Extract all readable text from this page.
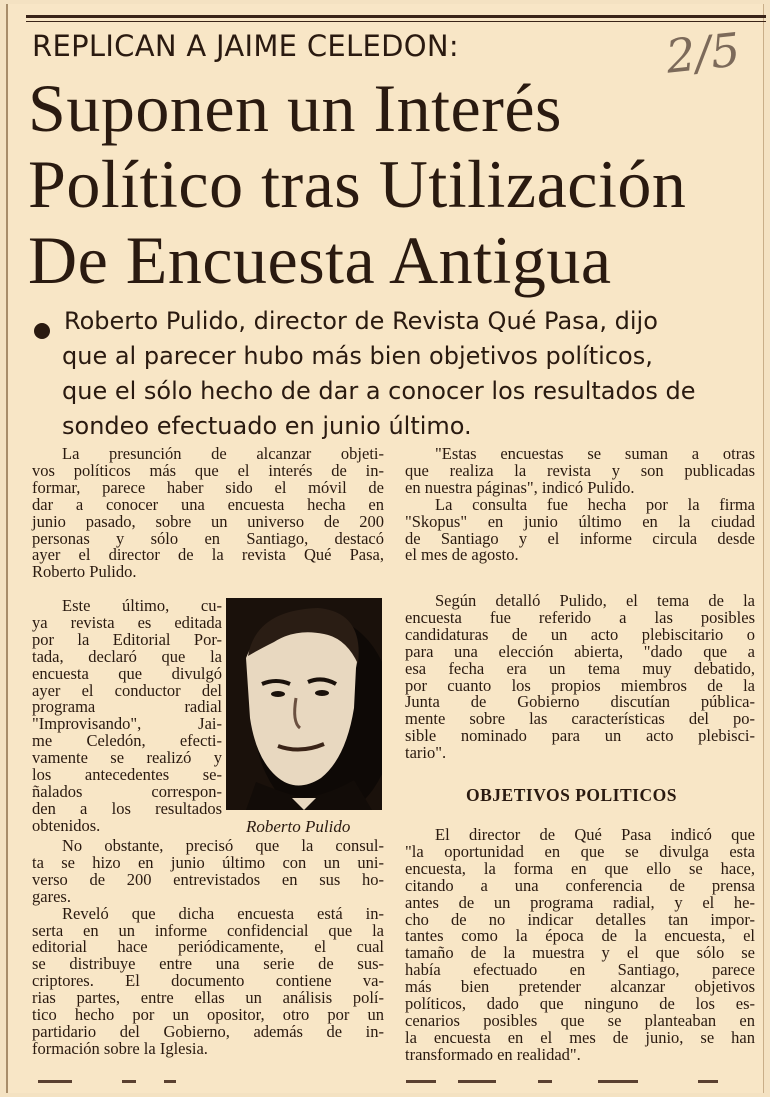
REPLICAN A JAIME CELEDON:	2/5
Suponen un Interés
Político tras Utilización
De Encuesta Antigua
Roberto Pulido, director de Revista Qué Pasa, dijo
que al parecer hubo más bien objetivos políticos,
que el sólo hecho de dar a conocer los resultados de
sondeo efectuado en junio último.

La presunción de alcanzar objeti-
vos políticos más que el interés de in-
formar, parece haber sido el móvil de
dar a conocer una encuesta hecha en
junio pasado, sobre un universo de 200
personas y sólo en Santiago, destacó
ayer el director de la revista Qué Pasa,
Roberto Pulido.

Este último, cu-
ya revista es editada
por la Editorial Por-
tada, declaró que la
encuesta que divulgó
ayer el conductor del
programa radial
"Improvisando", Jai-
me Celedón, efecti-
vamente se realizó y
los antecedentes se-
ñalados correspon-
den a los resultados
obtenidos.

No obstante, precisó que la consul-
ta se hizo en junio último con un uni-
verso de 200 entrevistados en sus ho-
gares.

Reveló que dicha encuesta está in-
serta en un informe confidencial que la
editorial hace periódicamente, el cual
se distribuye entre una serie de sus-
criptores. El documento contiene va-
rias partes, entre ellas un análisis polí-
tico hecho por un opositor, otro por un
partidario del Gobierno, además de in-
formación sobre la Iglesia.

Roberto Pulido

"Estas encuestas se suman a otras
que realiza la revista y son publicadas
en nuestra páginas", indicó Pulido.

La consulta fue hecha por la firma
"Skopus" en junio último en la ciudad
de Santiago y el informe circula desde
el mes de agosto.

Según detalló Pulido, el tema de la
encuesta fue referido a las posibles
candidaturas de un acto plebiscitario o
para una elección abierta, "dado que a
esa fecha era un tema muy debatido,
por cuanto los propios miembros de la
Junta de Gobierno discutían pública-
mente sobre las características del po-
sible nominado para un acto plebisci-
tario".

OBJETIVOS POLITICOS

El director de Qué Pasa indicó que
"la oportunidad en que se divulga esta
encuesta, la forma en que ello se hace,
citando a una conferencia de prensa
antes de un programa radial, y el he-
cho de no indicar detalles tan impor-
tantes como la época de la encuesta, el
tamaño de la muestra y el que sólo se
había efectuado en Santiago, parece
más bien pretender alcanzar objetivos
políticos, dado que ninguno de los es-
cenarios posibles que se planteaban en
la encuesta en el mes de junio, se han
transformado en realidad".
